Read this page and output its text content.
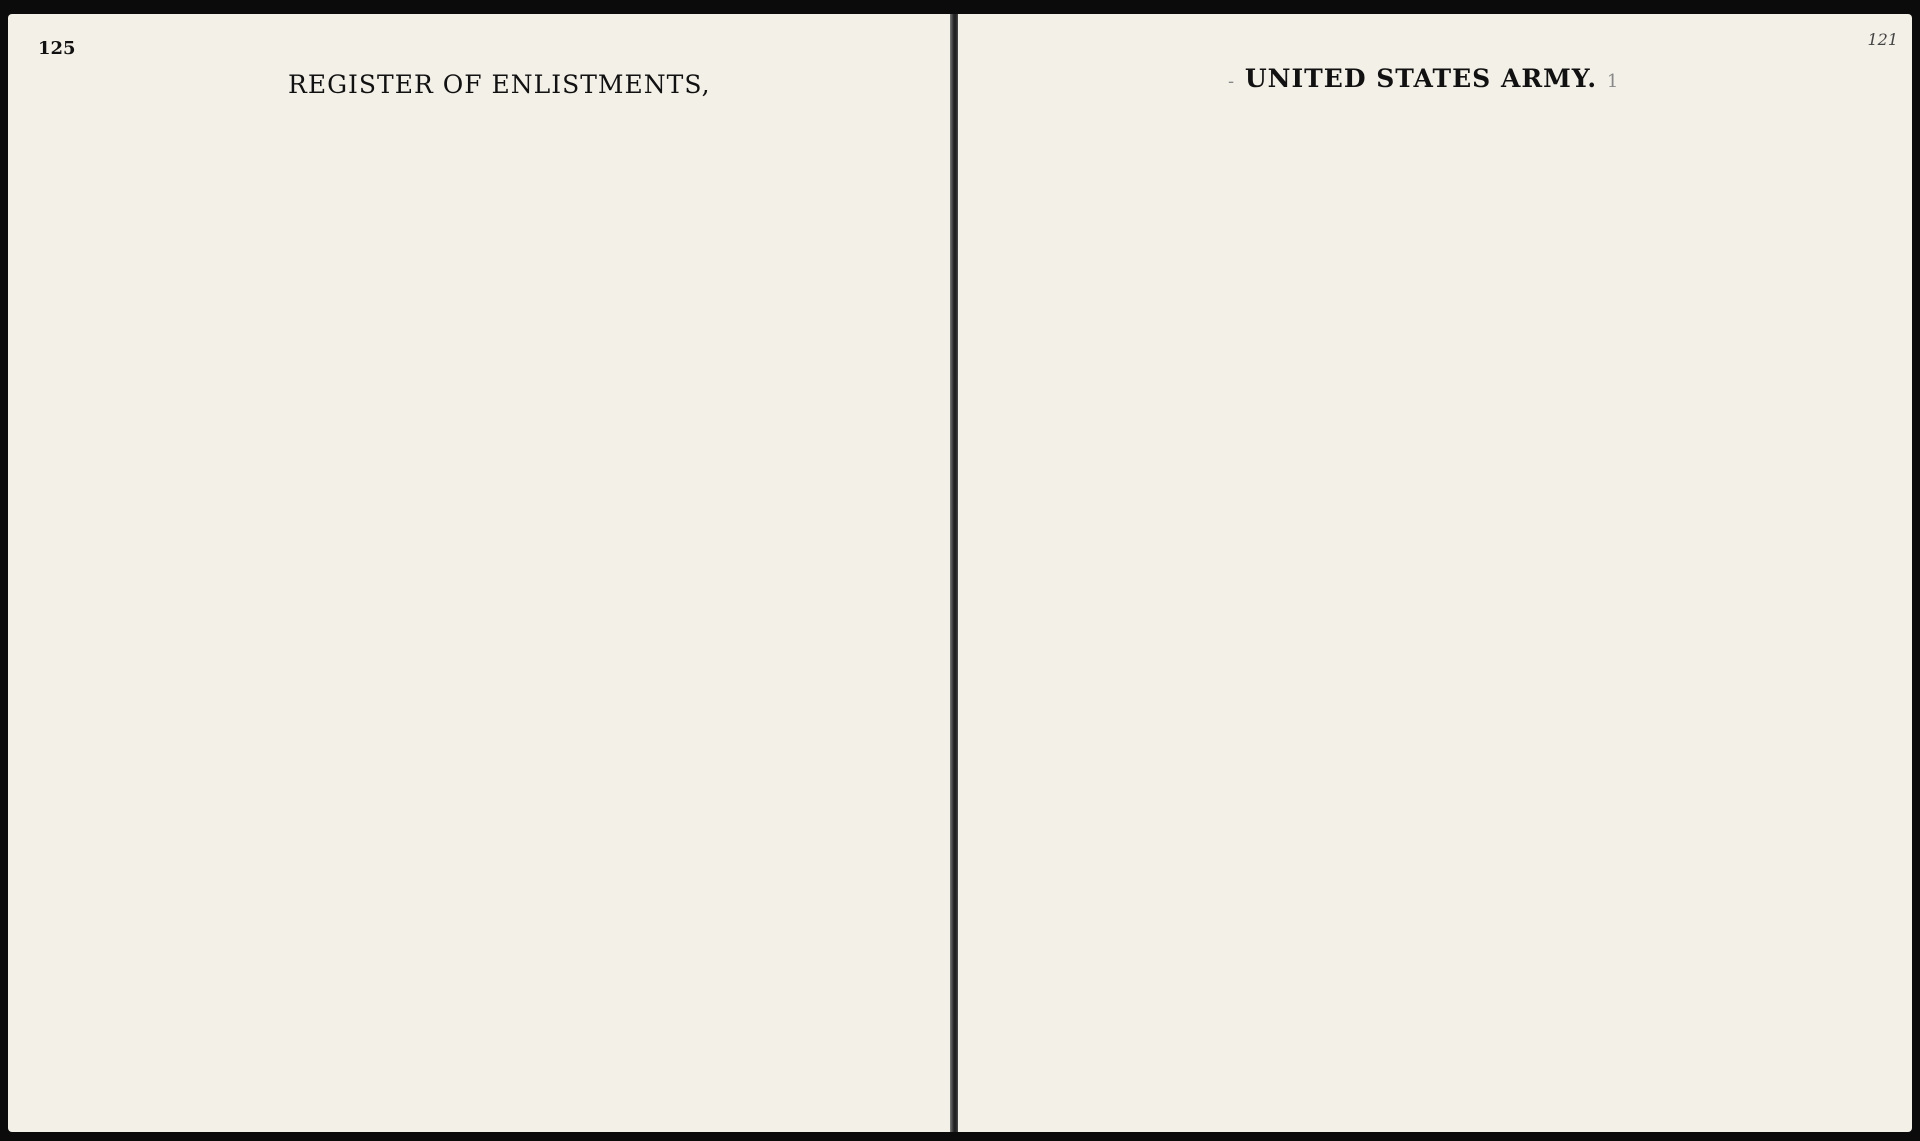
125
REGISTER OF ENLISTMENTS,
121
- UNITED STATES ARMY. 1
